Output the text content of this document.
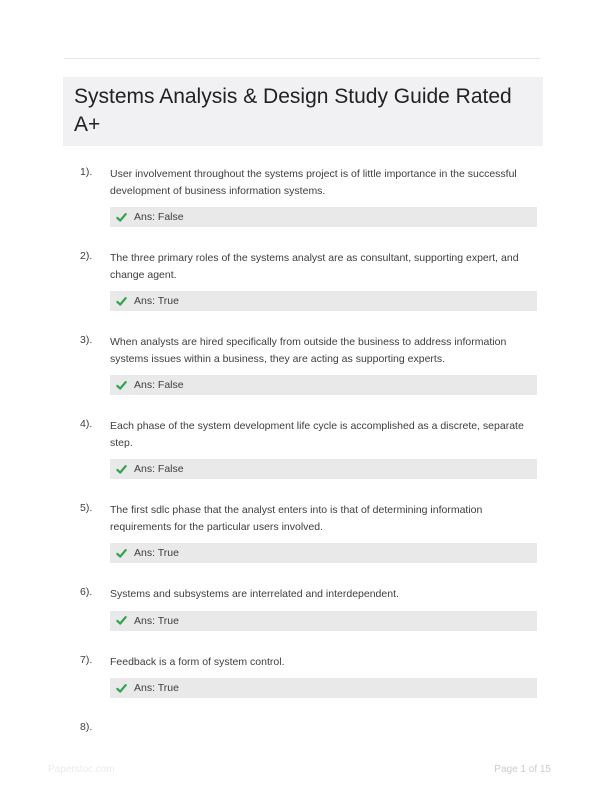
Systems Analysis & Design Study Guide Rated A+
1).	User involvement throughout the systems project is of little importance in the successful development of business information systems.
Ans: False
2).	The three primary roles of the systems analyst are as consultant, supporting expert, and change agent.
Ans: True
3).	When analysts are hired specifically from outside the business to address information systems issues within a business, they are acting as supporting experts.
Ans: False
4).	Each phase of the system development life cycle is accomplished as a discrete, separate step.
Ans: False
5).	The first sdlc phase that the analyst enters into is that of determining information requirements for the particular users involved.
Ans: True
6).	Systems and subsystems are interrelated and interdependent.
Ans: True
7).	Feedback is a form of system control.
Ans: True
8).
Paperstoc.com	Page 1 of 15
